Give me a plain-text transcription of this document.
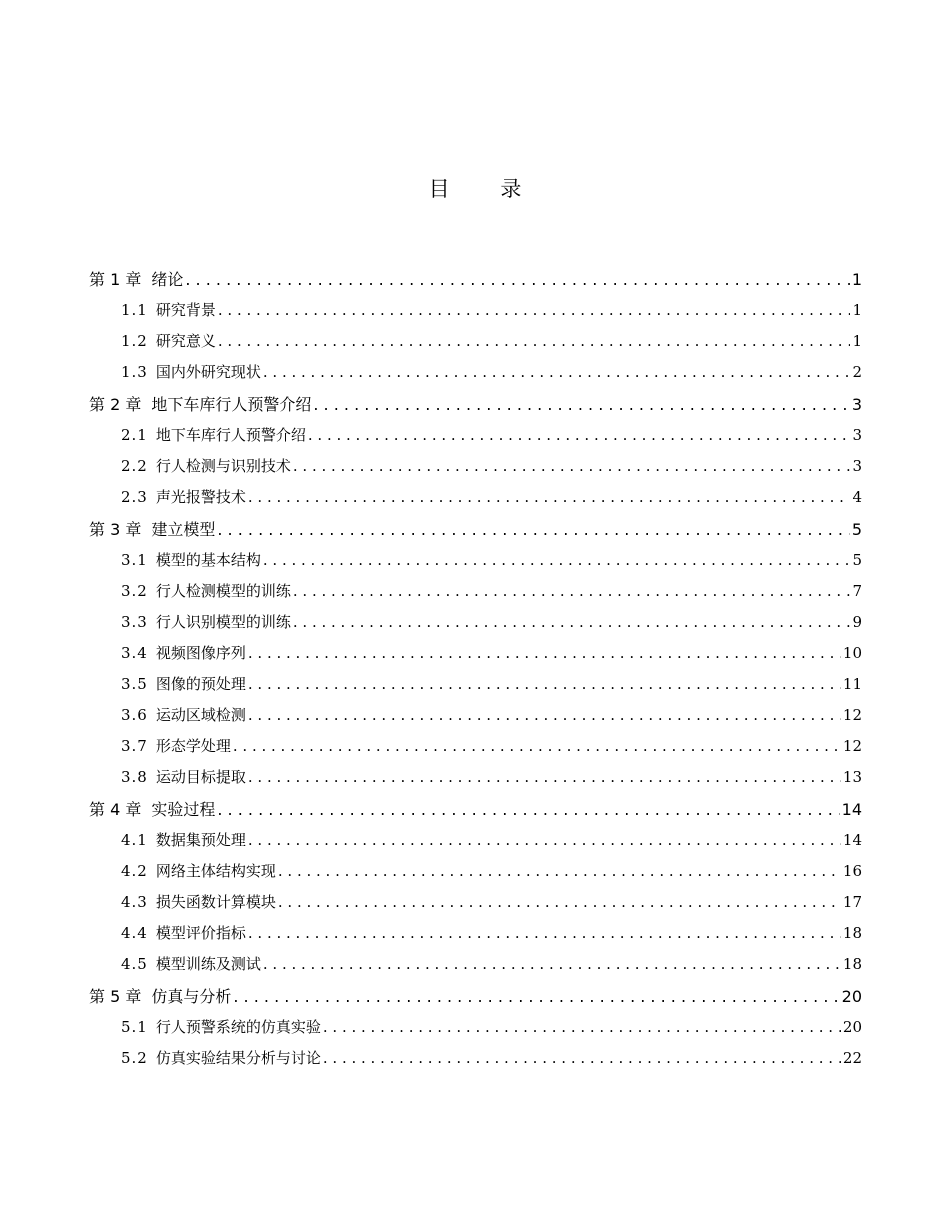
目 录
第 1 章 绪论 . . .	1
1.1 研究背景 . . .	1
1.2 研究意义 . . .	1
1.3 国内外研究现状 . . .	2
第 2 章 地下车库行人预警介绍 . . .	3
2.1 地下车库行人预警介绍 . . .	3
2.2 行人检测与识别技术 . . .	3
2.3 声光报警技术 . . .	4
第 3 章 建立模型 . . .	5
3.1 模型的基本结构 . . .	5
3.2 行人检测模型的训练 . . .	7
3.3 行人识别模型的训练 . . .	9
3.4 视频图像序列 . . .	10
3.5 图像的预处理 . . .	11
3.6 运动区域检测 . . .	12
3.7 形态学处理 . . .	12
3.8 运动目标提取 . . .	13
第 4 章 实验过程 . . .	14
4.1 数据集预处理 . . .	14
4.2 网络主体结构实现 . . .	16
4.3 损失函数计算模块 . . .	17
4.4 模型评价指标 . . .	18
4.5 模型训练及测试 . . .	18
第 5 章 仿真与分析 . . .	20
5.1 行人预警系统的仿真实验 . . .	20
5.2 仿真实验结果分析与讨论 . . .	22
